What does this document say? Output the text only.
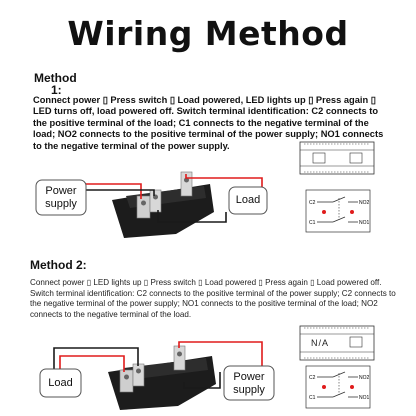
Wiring Method
Method
1:
Connect power ▯ Press switch ▯ Load powered, LED lights up ▯ Press again ▯ LED turns off, load powered off. Switch terminal identification: C2 connects to the positive terminal of the load; C1 connects to the negative terminal of the load; NO2 connects to the positive terminal of the power supply; NO1 connects to the negative terminal of the power supply.
Method 2:
Connect power ▯ LED lights up ▯ Press switch ▯ Load powered ▯ Press again ▯ Load powered off. Switch terminal identification: C2 connects to the positive terminal of the power supply; C2 connects to the negative terminal of the power supply; NO1 connects to the positive terminal of the load; NO2 connects to the negative terminal of the load.
C2
C1
NO2
NO1
N/A
C2
C1
NO2
NO1
Power supply	Load
Load	Power supply
